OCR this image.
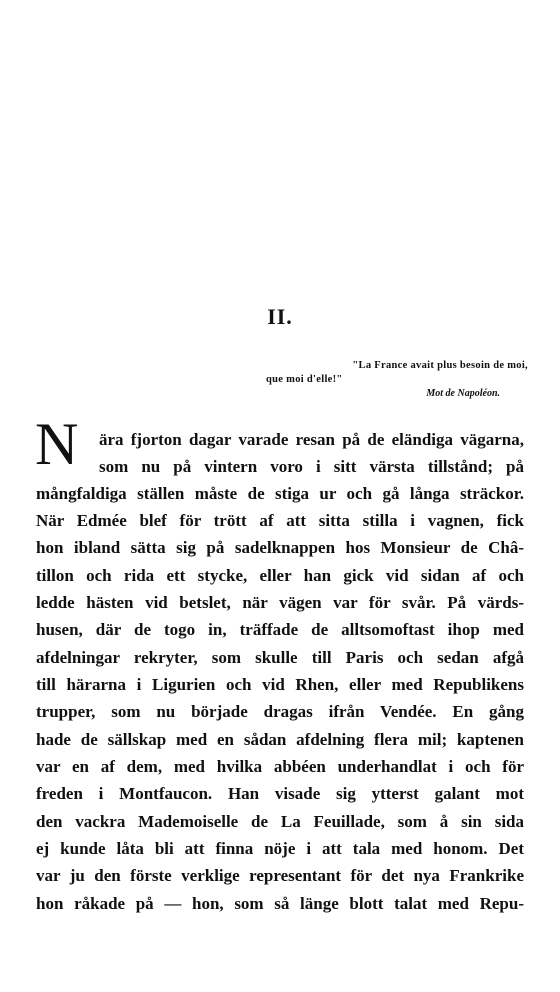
II.
"La France avait plus besoin de moi,
que moi d'elle!"
Mot de Napoléon.
N ära fjorton dagar varade resan på de eländiga vägarna,
som nu på vintern voro i sitt värsta tillstånd; på
mångfaldiga ställen måste de stiga ur och gå långa sträckor.
När Edmée blef för trött af att sitta stilla i vagnen, fick
hon ibland sätta sig på sadelknappen hos Monsieur de Châ-
tillon och rida ett stycke, eller han gick vid sidan af och
ledde hästen vid betslet, när vägen var för svår. På värds-
husen, där de togo in, träffade de alltsomoftast ihop med
afdelningar rekryter, som skulle till Paris och sedan afgå
till härarna i Ligurien och vid Rhen, eller med Republikens
trupper, som nu började dragas ifrån Vendée. En gång
hade de sällskap med en sådan afdelning flera mil; kaptenen
var en af dem, med hvilka abbéen underhandlat i och för
freden i Montfaucon. Han visade sig ytterst galant mot
den vackra Mademoiselle de La Feuillade, som å sin sida
ej kunde låta bli att finna nöje i att tala med honom. Det
var ju den förste verklige representant för det nya Frankrike
hon råkade på — hon, som så länge blott talat med Repu-
